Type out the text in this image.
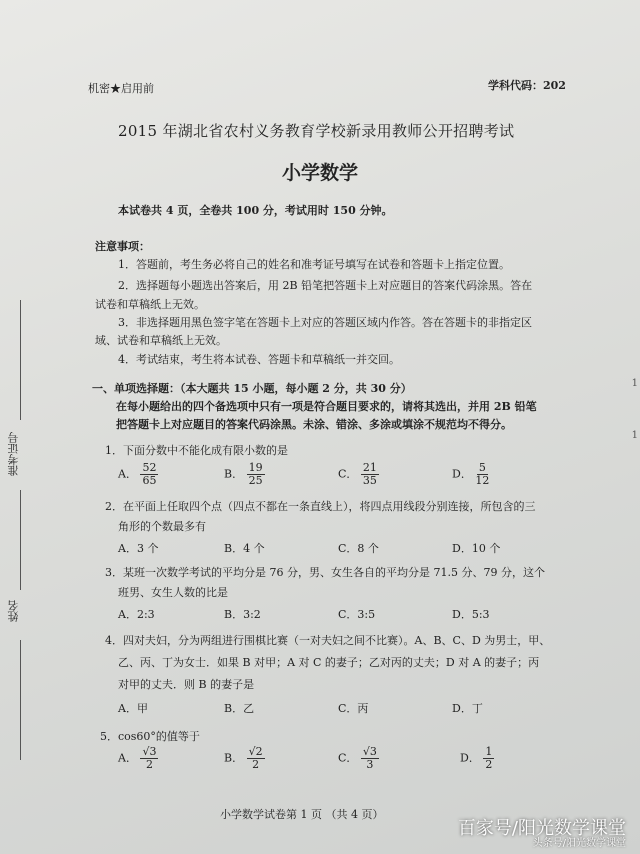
机密★启用前	学科代码：202
2015 年湖北省农村义务教育学校新录用教师公开招聘考试
小学数学
本试卷共 4 页，全卷共 100 分，考试用时 150 分钟。
注意事项：
1．答题前，考生务必将自己的姓名和准考证号填写在试卷和答题卡上指定位置。
2．选择题每小题选出答案后，用 2B 铅笔把答题卡上对应题目的答案代码涂黑。答在
试卷和草稿纸上无效。
3．非选择题用黑色签字笔在答题卡上对应的答题区域内作答。答在答题卡的非指定区
域、试卷和草稿纸上无效。
4．考试结束，考生将本试卷、答题卡和草稿纸一并交回。
一、单项选择题：（本大题共 15 小题，每小题 2 分，共 30 分）
在每小题给出的四个备选项中只有一项是符合题目要求的，请将其选出，并用 2B 铅笔
把答题卡上对应题目的答案代码涂黑。未涂、错涂、多涂或填涂不规范均不得分。
1．下面分数中不能化成有限小数的是
A． $\frac{52}{65}$	B． $\frac{19}{25}$	C． $\frac{21}{35}$	D． $\frac{5}{12}$
2．在平面上任取四个点（四点不都在一条直线上），将四点用线段分别连接，所包含的三
角形的个数最多有
A．3 个	B．4 个	C．8 个	D．10 个
3．某班一次数学考试的平均分是 76 分，男、女生各自的平均分是 71.5 分、79 分，这个
班男、女生人数的比是
A．2:3	B．3:2	C．3:5	D．5:3
4．四对夫妇，分为两组进行围棋比赛（一对夫妇之间不比赛）。A、B、C、D 为男士，甲、
乙、丙、丁为女士．如果 B 对甲；A 对 C 的妻子；乙对丙的丈夫；D 对 A 的妻子；丙
对甲的丈夫．则 B 的妻子是
A．甲	B．乙	C．丙	D．丁
5．cos60°的值等于
A． $\frac{√3}{2}$	B． $\frac{√2}{2}$	C． $\frac{√3}{3}$	D． $\frac{1}{2}$
准考证号
姓名
1
1
小学数学试卷第 1 页 （共 4 页）
百家号/阳光数学课堂
头条号/阳光数学课堂
